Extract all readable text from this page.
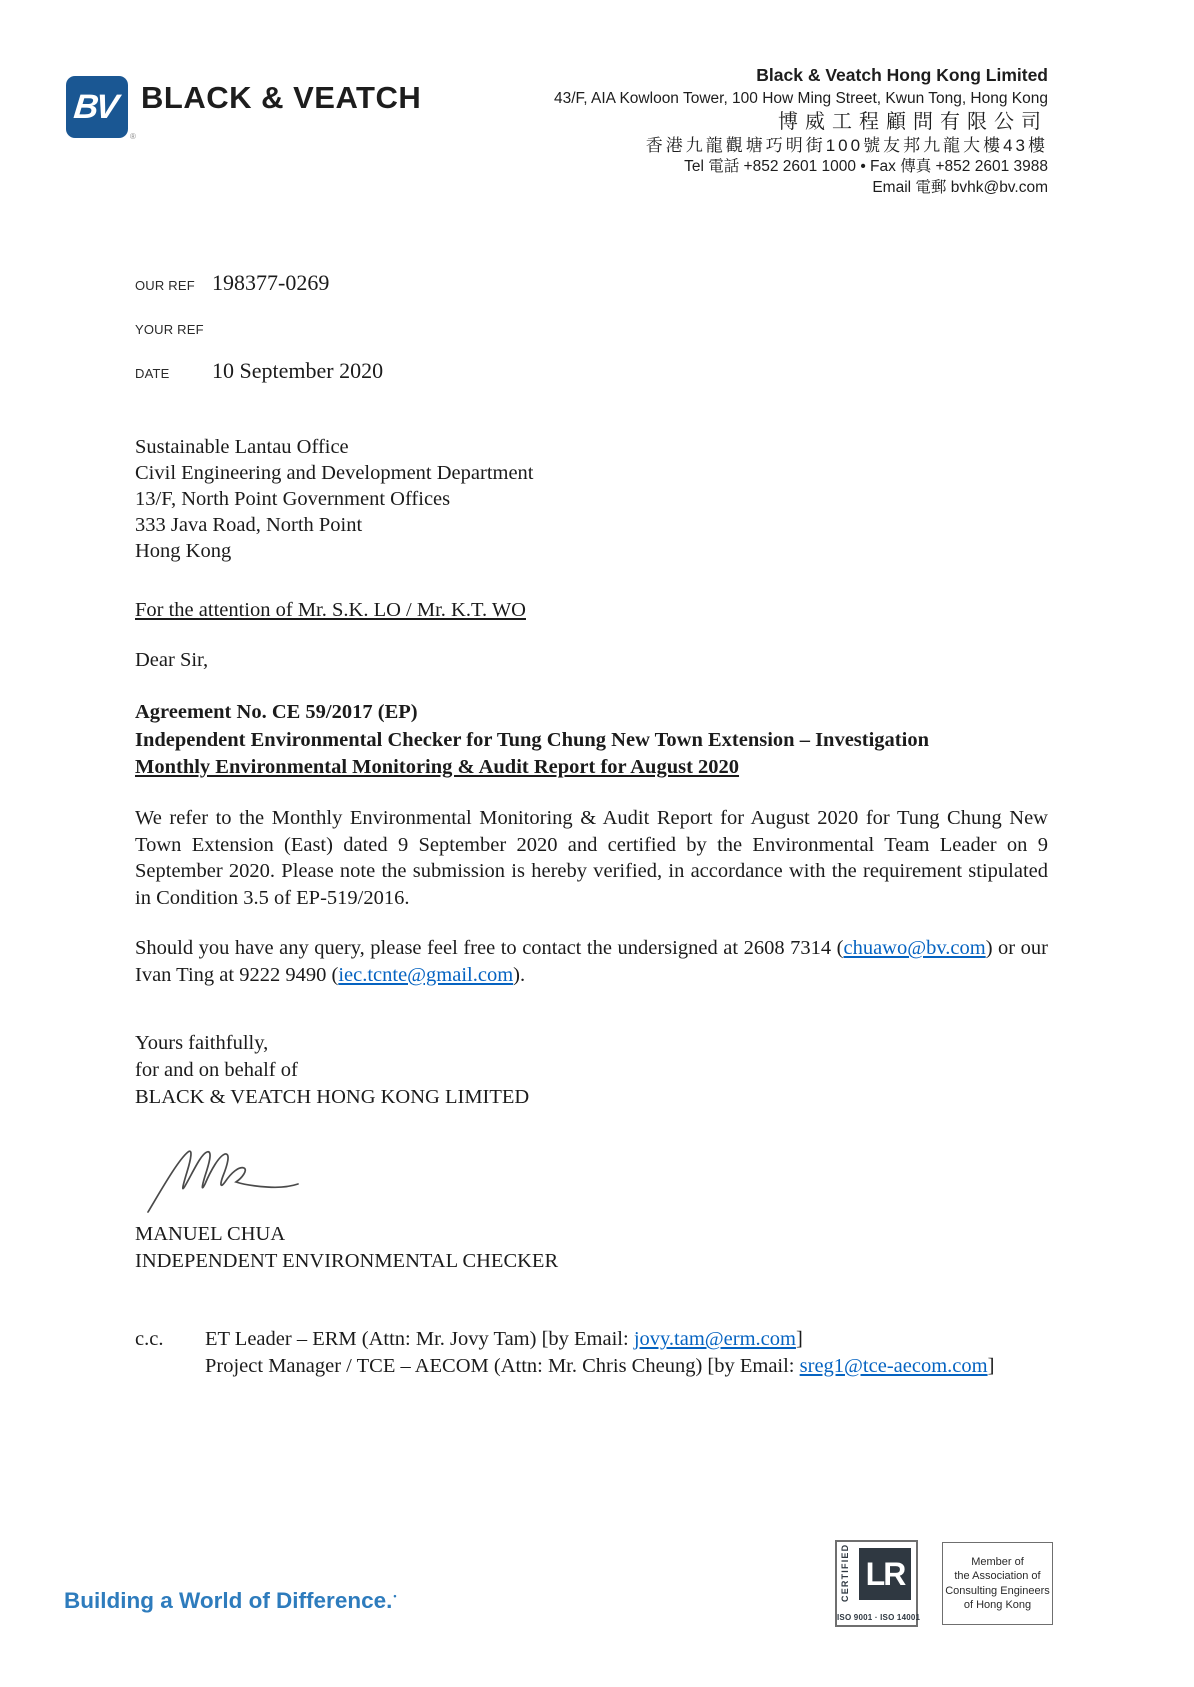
BV
®
BLACK & VEATCH
Black & Veatch Hong Kong Limited
43/F, AIA Kowloon Tower, 100 How Ming Street, Kwun Tong, Hong Kong
博威工程顧問有限公司
香港九龍觀塘巧明街100號友邦九龍大樓43樓
Tel 電話 +852 2601 1000 • Fax 傳真 +852 2601 3988
Email 電郵 bvhk@bv.com
OUR REF 198377-0269
YOUR REF
DATE 10 September 2020
Sustainable Lantau Office
Civil Engineering and Development Department
13/F, North Point Government Offices
333 Java Road, North Point
Hong Kong
For the attention of Mr. S.K. LO / Mr. K.T. WO
Dear Sir,
Agreement No. CE 59/2017 (EP)
Independent Environmental Checker for Tung Chung New Town Extension – Investigation
Monthly Environmental Monitoring & Audit Report for August 2020
We refer to the Monthly Environmental Monitoring & Audit Report for August 2020 for Tung Chung New Town Extension (East) dated 9 September 2020 and certified by the Environmental Team Leader on 9 September 2020. Please note the submission is hereby verified, in accordance with the requirement stipulated in Condition 3.5 of EP-519/2016.
Should you have any query, please feel free to contact the undersigned at 2608 7314 (chuawo@bv.com) or our Ivan Ting at 9222 9490 (iec.tcnte@gmail.com).
Yours faithfully,
for and on behalf of
BLACK & VEATCH HONG KONG LIMITED
MANUEL CHUA
INDEPENDENT ENVIRONMENTAL CHECKER
c.c. ET Leader – ERM (Attn: Mr. Jovy Tam) [by Email: jovy.tam@erm.com]
Project Manager / TCE – AECOM (Attn: Mr. Chris Cheung) [by Email: sreg1@tce-aecom.com]
Building a World of Difference.•	CERTIFIED LR
ISO 9001 · ISO 14001
Member of
the Association of
Consulting Engineers
of Hong Kong
